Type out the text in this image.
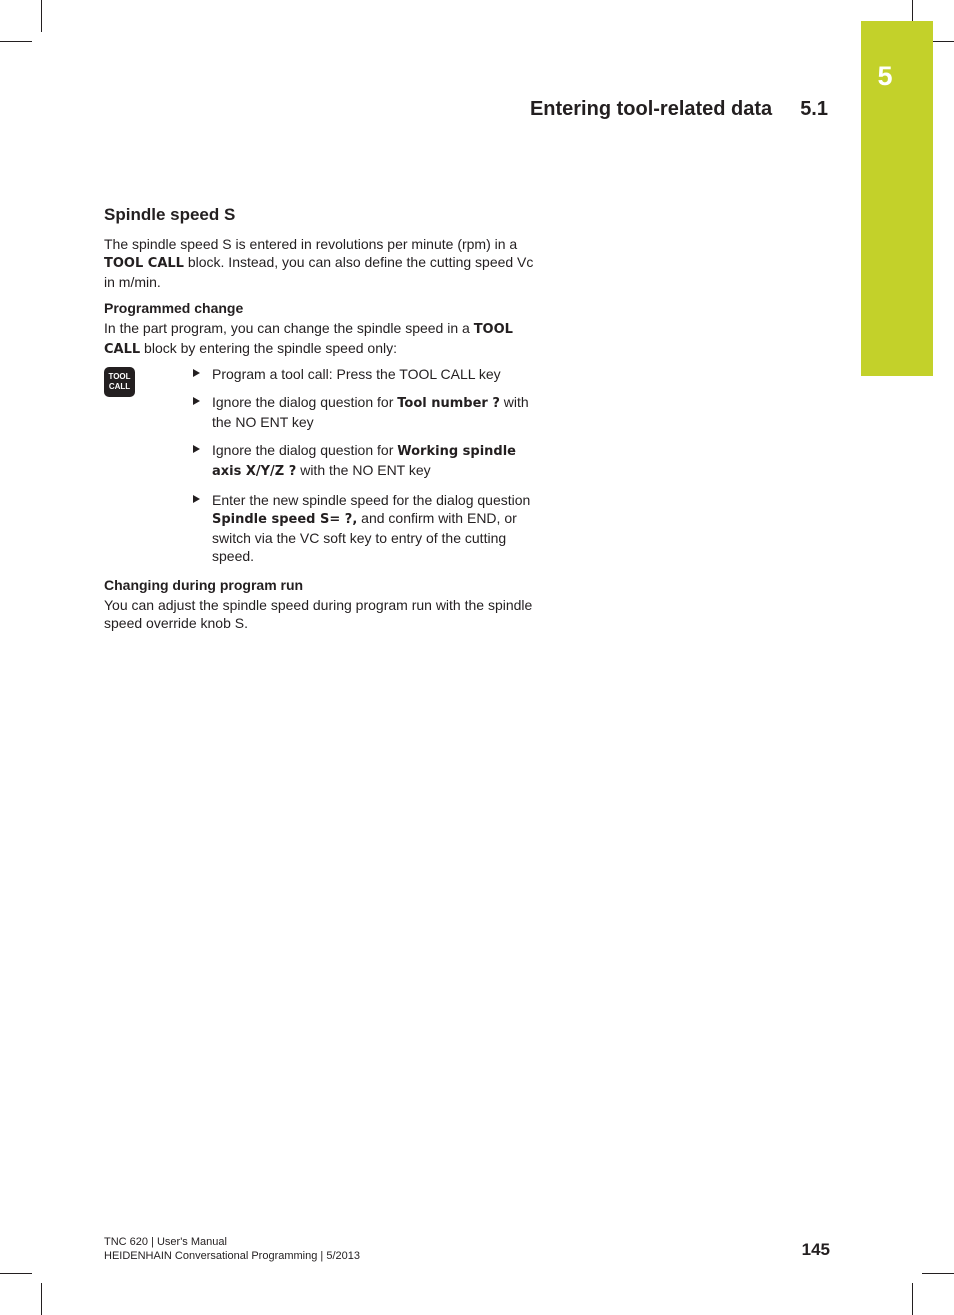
5
Entering tool-related data 5.1
Spindle speed S

The spindle speed S is entered in revolutions per minute (rpm) in a TOOL CALL block. Instead, you can also define the cutting speed Vc in m/min.

Programmed change

In the part program, you can change the spindle speed in a TOOL CALL block by entering the spindle speed only:

TOOL
CALL
Program a tool call: Press the TOOL CALL key
Ignore the dialog question for Tool number ? with the NO ENT key
Ignore the dialog question for Working spindle axis X/Y/Z ? with the NO ENT key
Enter the new spindle speed for the dialog question Spindle speed S= ?, and confirm with END, or switch via the VC soft key to entry of the cutting speed.
Changing during program run

You can adjust the spindle speed during program run with the spindle speed override knob S.

TNC 620 | User's Manual
HEIDENHAIN Conversational Programming | 5/2013	145
